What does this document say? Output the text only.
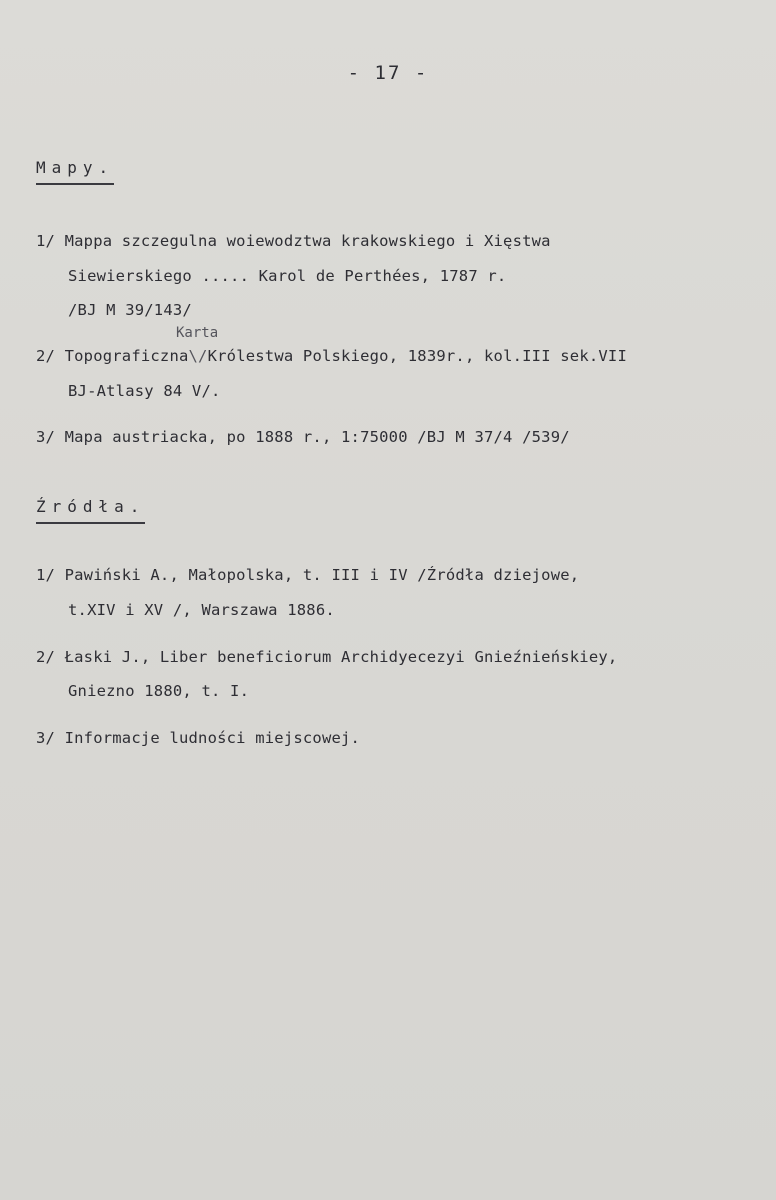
- 17 -
Mapy.
1/ Mappa szczegulna woiewodztwa krakowskiego i Xięstwa
Siewierskiego ..... Karol de Perthées, 1787 r.
/BJ M 39/143/
Karta
2/ Topograficzna\/Królestwa Polskiego, 1839r., kol.III sek.VII
BJ-Atlasy 84 V/.
3/ Mapa austriacka, po 1888 r., 1:75000 /BJ M 37/4 /539/
Źródła.
1/ Pawiński A., Małopolska, t. III i IV /Źródła dziejowe,
t.XIV i XV /, Warszawa 1886.
2/ Łaski J., Liber beneficiorum Archidyecezyi Gnieźnieńskiey,
Gniezno 1880, t. I.
3/ Informacje ludności miejscowej.
